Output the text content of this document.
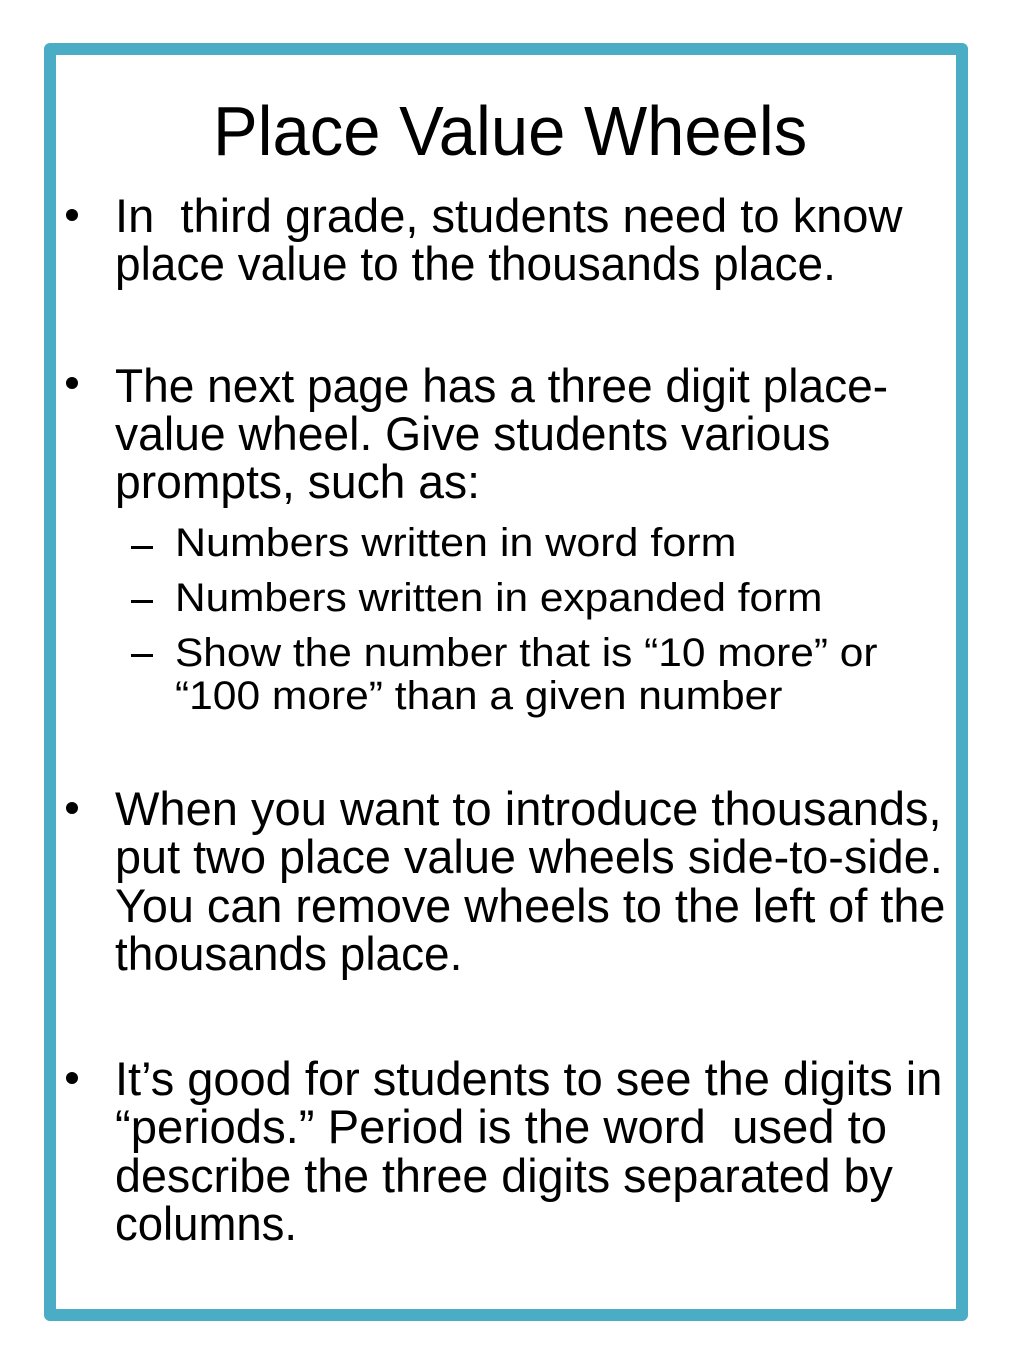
Place Value Wheels
In  third grade, students need to know
place value to the thousands place.
The next page has a three digit place-
value wheel. Give students various
prompts, such as:
Numbers written in word form
Numbers written in expanded form
Show the number that is “10 more” or
“100 more” than a given number
When you want to introduce thousands,
put two place value wheels side-to-side.
You can remove wheels to the left of the
thousands place.
It’s good for students to see the digits in
“periods.” Period is the word  used to
describe the three digits separated by
columns.
